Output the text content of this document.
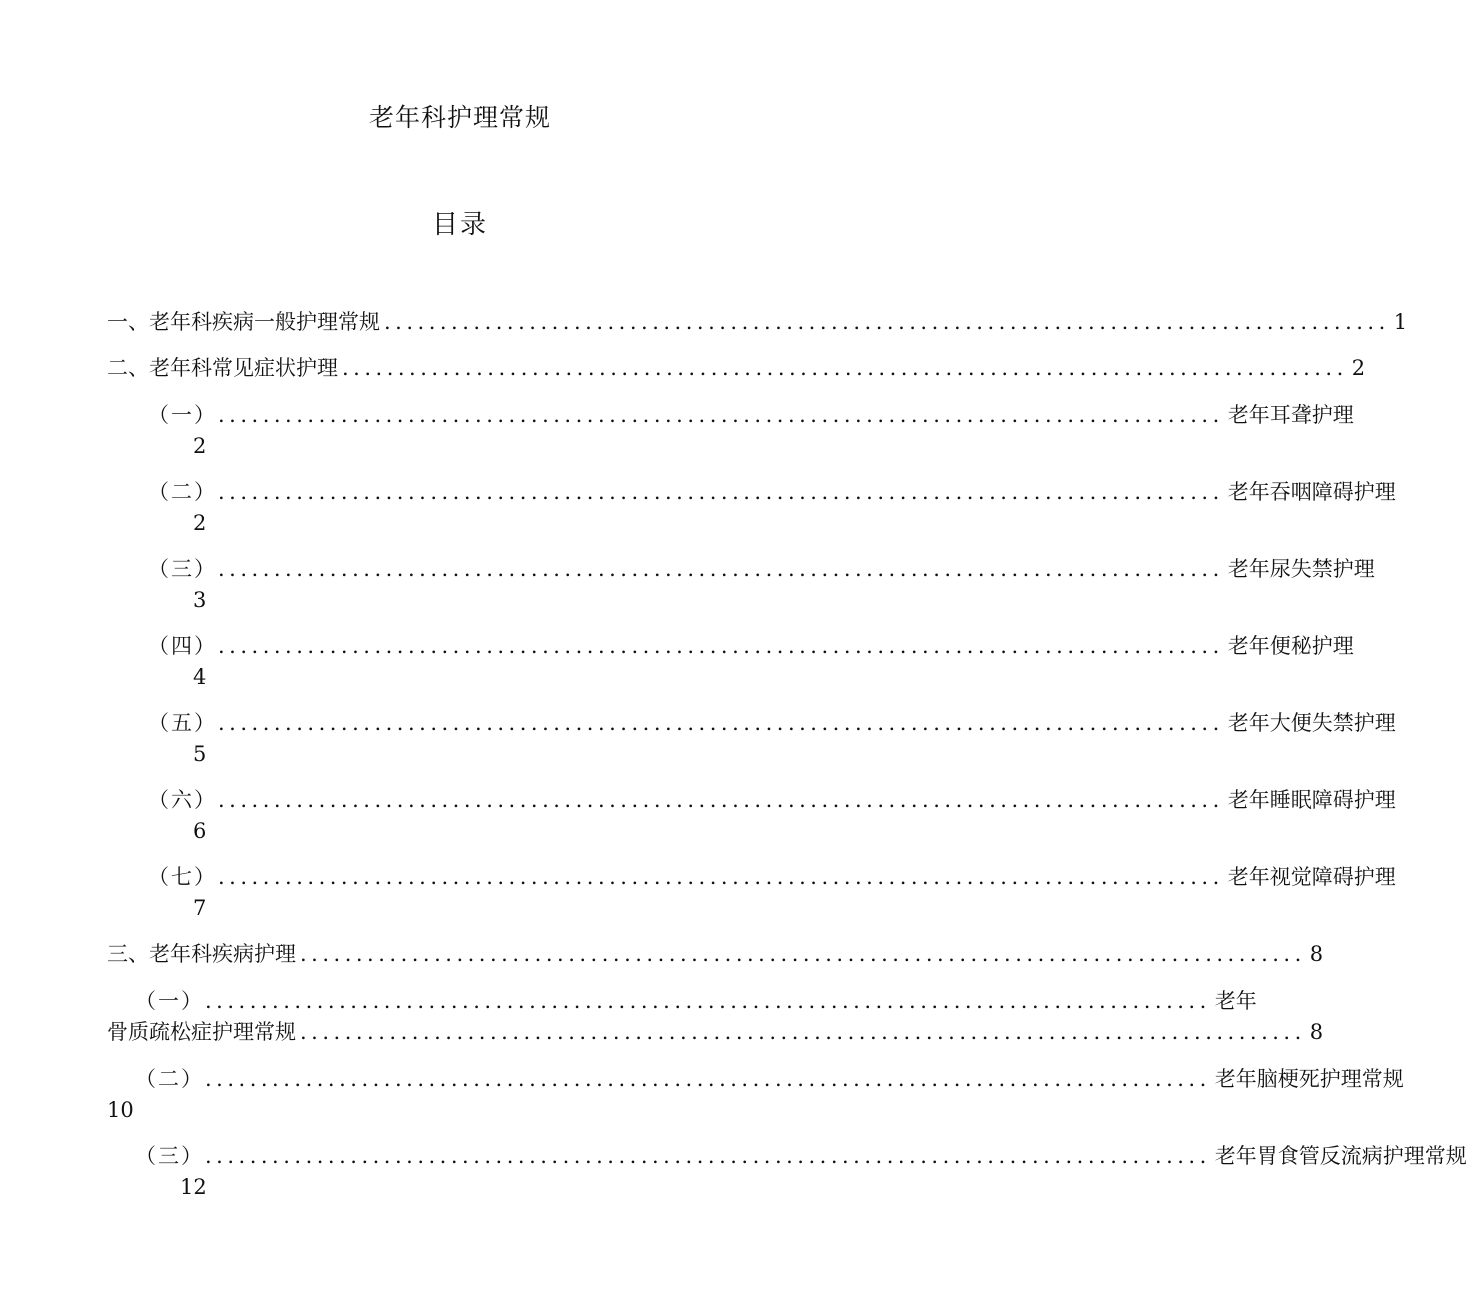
老年科护理常规
目录
一、 老年科疾病一般护理常规 .......................................................................................... 1
二、 老年科常见症状护理 .......................................................................................... 2
（一） .......................................................................................... 老年耳聋护理
2
（二） .......................................................................................... 老年吞咽障碍护理
2
（三） .......................................................................................... 老年尿失禁护理
3
（四） .......................................................................................... 老年便秘护理
4
（五） .......................................................................................... 老年大便失禁护理
5
（六） .......................................................................................... 老年睡眠障碍护理
6
（七） .......................................................................................... 老年视觉障碍护理
7
三、 老年科疾病护理 .......................................................................................... 8
（一） .......................................................................................... 老年
骨质疏松症护理常规 .......................................................................................... 8
（二） .......................................................................................... 老年脑梗死护理常规
10
（三） .......................................................................................... 老年胃食管反流病护理常规
12
